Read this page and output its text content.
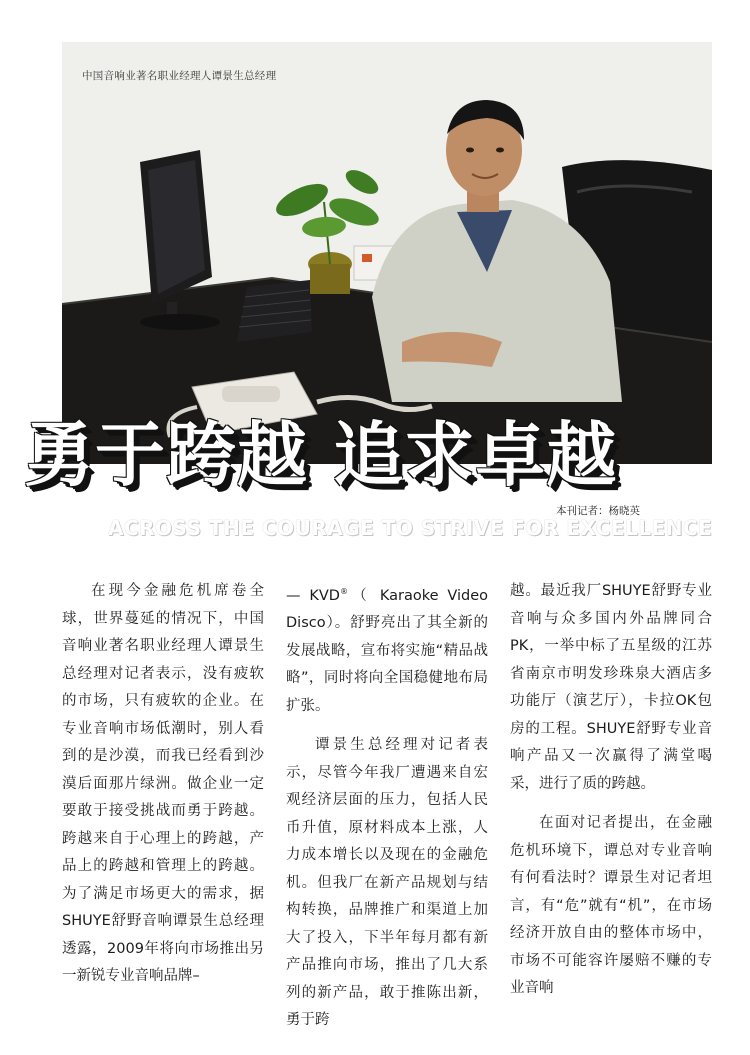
中国音响业著名职业经理人谭景生总经理
勇于跨越 追求卓越
本刊记者：杨晓英
ACROSS THE COURAGE TO STRIVE FOR EXCELLENCE

在现今金融危机席卷全球，世界蔓延的情况下，中国音响业著名职业经理人谭景生总经理对记者表示，没有疲软的市场，只有疲软的企业。在专业音响市场低潮时，别人看到的是沙漠，而我已经看到沙漠后面那片绿洲。做企业一定要敢于接受挑战而勇于跨越。跨越来自于心理上的跨越，产品上的跨越和管理上的跨越。为了满足市场更大的需求，据SHUYE舒野音响谭景生总经理透露，2009年将向市场推出另一新锐专业音响品牌–

— KVD®（ Karaoke Video Disco）。舒野亮出了其全新的发展战略，宣布将实施“精品战略”，同时将向全国稳健地布局扩张。

谭景生总经理对记者表示，尽管今年我厂遭遇来自宏观经济层面的压力，包括人民币升值，原材料成本上涨，人力成本增长以及现在的金融危机。但我厂在新产品规划与结构转换，品牌推广和渠道上加大了投入，下半年每月都有新产品推向市场，推出了几大系列的新产品，敢于推陈出新，勇于跨

越。最近我厂SHUYE舒野专业音响与众多国内外品牌同合PK，一举中标了五星级的江苏省南京市明发珍珠泉大酒店多功能厅（演艺厅），卡拉OK包房的工程。SHUYE舒野专业音响产品又一次赢得了满堂喝采，进行了质的跨越。

在面对记者提出，在金融危机环境下，谭总对专业音响有何看法时？谭景生对记者坦言，有“危”就有“机”，在市场经济开放自由的整体市场中，市场不可能容许屡赔不赚的专业音响
